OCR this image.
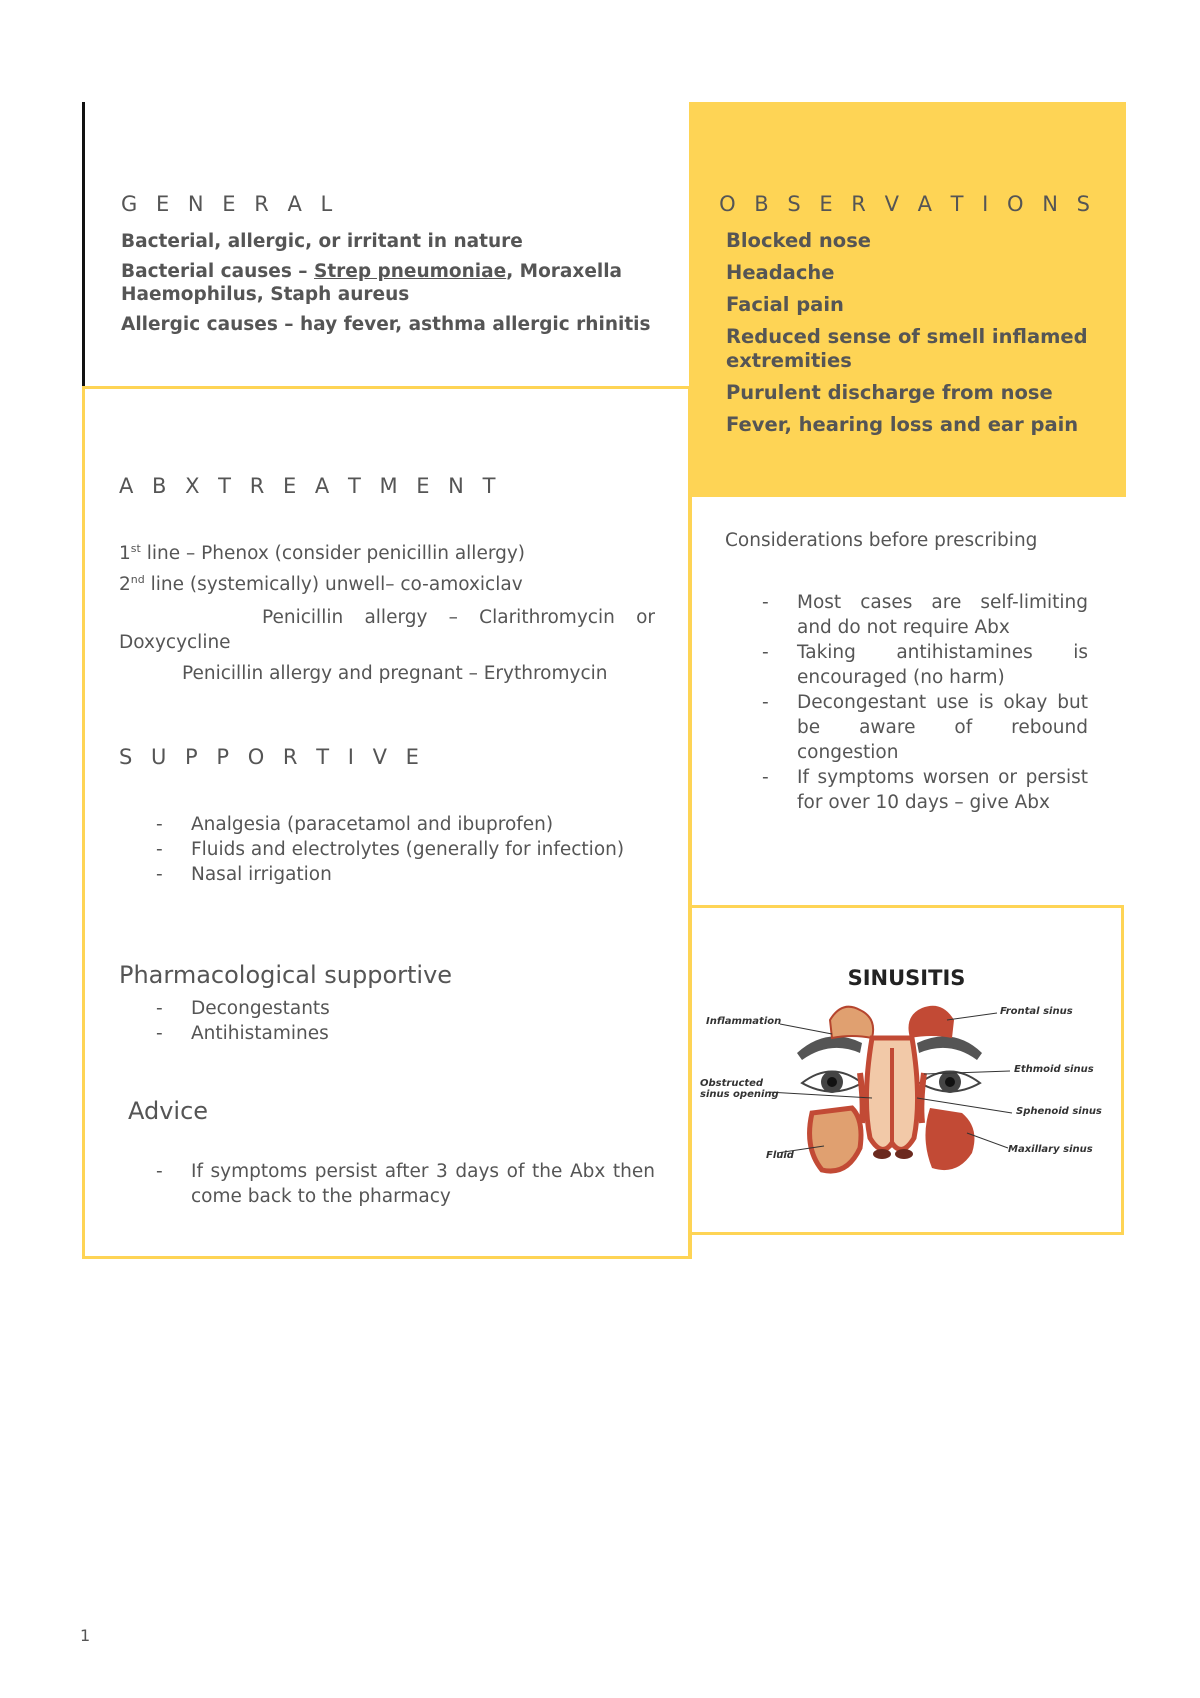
G E N E R A L

Bacterial, allergic, or irritant in nature

Bacterial causes – Strep pneumoniae, Moraxella Haemophilus, Staph aureus

Allergic causes – hay fever, asthma allergic rhinitis

O B S E R V A T I O N S
Blocked nose
Headache
Facial pain
Reduced sense of smell inflamed extremities
Purulent discharge from nose
Fever, hearing loss and ear pain
A B X T R E A T M E N T
1st line – Phenox (consider penicillin allergy)
2nd line (systemically) unwell– co-amoxiclav
Penicillin allergy – Clarithromycin or Doxycycline
Penicillin allergy and pregnant – Erythromycin
S U P P O R T I V E
- Analgesia (paracetamol and ibuprofen)
- Fluids and electrolytes (generally for infection)
- Nasal irrigation
Pharmacological supportive
- Decongestants
- Antihistamines
Advice
- If symptoms persist after 3 days of the Abx then come back to the pharmacy
Considerations before prescribing
- Most cases are self-limiting and do not require Abx
- Taking antihistamines is encouraged (no harm)
- Decongestant use is okay but be aware of rebound congestion
- If symptoms worsen or persist for over 10 days – give Abx
SINUSITIS
Inflammation
Obstructed sinus opening
Fluid
Frontal sinus
Ethmoid sinus
Sphenoid sinus
Maxillary sinus
1
